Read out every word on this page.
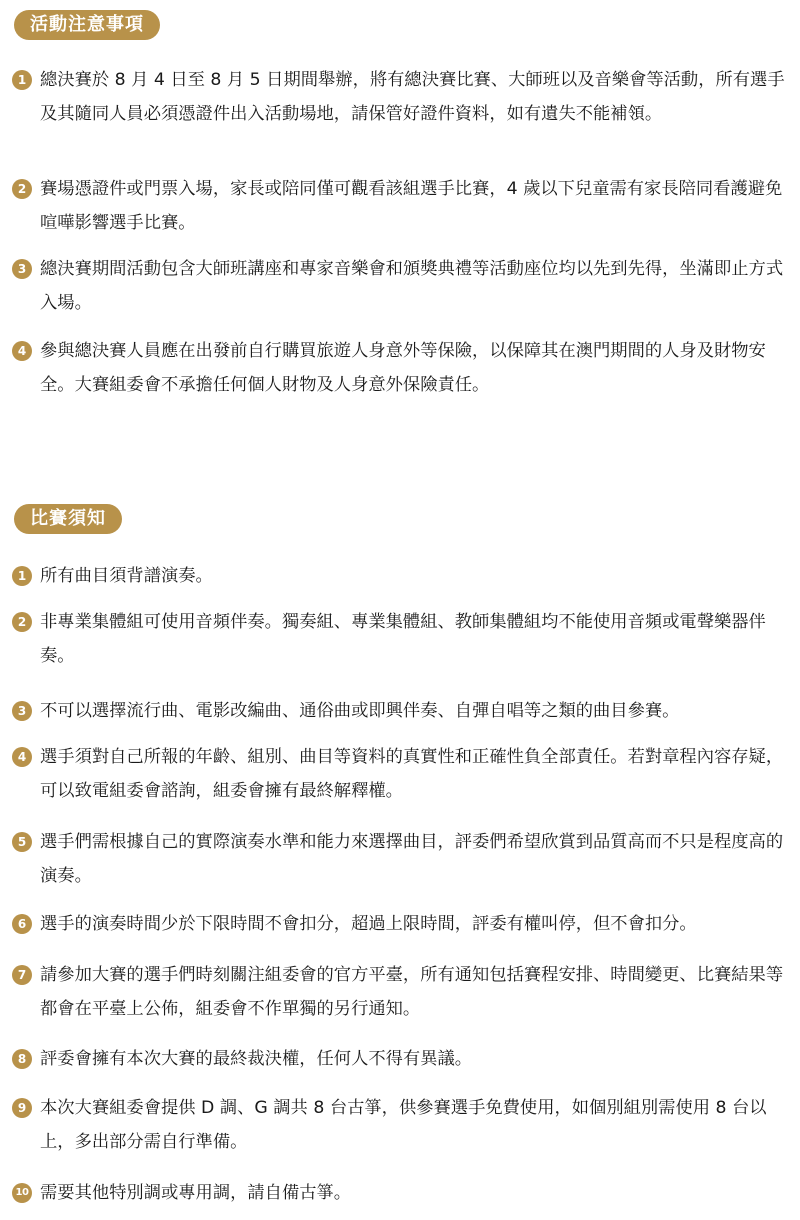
活動注意事項
1 總決賽於 8 月 4 日至 8 月 5 日期間舉辦，將有總決賽比賽、大師班以及音樂會等活動，所有選手及其隨同人員必須憑證件出入活動場地，請保管好證件資料，如有遺失不能補領。

2 賽場憑證件或門票入場，家長或陪同僅可觀看該組選手比賽，4 歲以下兒童需有家長陪同看護避免喧嘩影響選手比賽。

3 總決賽期間活動包含大師班講座和專家音樂會和頒獎典禮等活動座位均以先到先得，坐滿即止方式入場。

4 參與總決賽人員應在出發前自行購買旅遊人身意外等保險，以保障其在澳門期間的人身及財物安全。大賽組委會不承擔任何個人財物及人身意外保險責任。

比賽須知
1 所有曲目須背譜演奏。

2 非專業集體組可使用音頻伴奏。獨奏組、專業集體組、教師集體組均不能使用音頻或電聲樂器伴奏。

3 不可以選擇流行曲、電影改編曲、通俗曲或即興伴奏、自彈自唱等之類的曲目參賽。

4 選手須對自己所報的年齡、組別、曲目等資料的真實性和正確性負全部責任。若對章程內容存疑，可以致電組委會諮詢，組委會擁有最終解釋權。

5 選手們需根據自己的實際演奏水準和能力來選擇曲目，評委們希望欣賞到品質高而不只是程度高的演奏。

6 選手的演奏時間少於下限時間不會扣分，超過上限時間，評委有權叫停，但不會扣分。

7 請參加大賽的選手們時刻關注組委會的官方平臺，所有通知包括賽程安排、時間變更、比賽結果等都會在平臺上公佈，組委會不作單獨的另行通知。

8 評委會擁有本次大賽的最終裁決權，任何人不得有異議。

9 本次大賽組委會提供 D 調、G 調共 8 台古箏，供參賽選手免費使用，如個別組別需使用 8 台以上，多出部分需自行準備。

10 需要其他特別調或專用調，請自備古箏。
